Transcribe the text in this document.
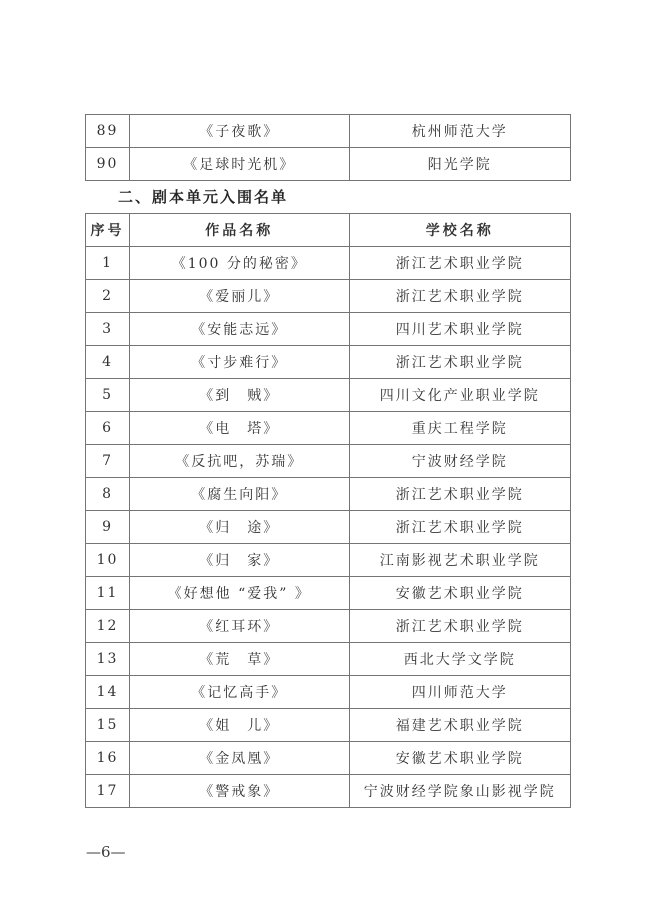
89	《子夜歌》	杭州师范大学
90	《足球时光机》	阳光学院
二、剧本单元入围名单
序号	作品名称	学校名称
1	《100 分的秘密》	浙江艺术职业学院
2	《爱丽儿》	浙江艺术职业学院
3	《安能志远》	四川艺术职业学院
4	《寸步难行》	浙江艺术职业学院
5	《到　贼》	四川文化产业职业学院
6	《电　塔》	重庆工程学院
7	《反抗吧，苏瑞》	宁波财经学院
8	《腐生向阳》	浙江艺术职业学院
9	《归　途》	浙江艺术职业学院
10	《归　家》	江南影视艺术职业学院
11	《好想他 “爱我” 》	安徽艺术职业学院
12	《红耳环》	浙江艺术职业学院
13	《荒　草》	西北大学文学院
14	《记忆高手》	四川师范大学
15	《姐　儿》	福建艺术职业学院
16	《金凤凰》	安徽艺术职业学院
17	《警戒象》	宁波财经学院象山影视学院
—6—
